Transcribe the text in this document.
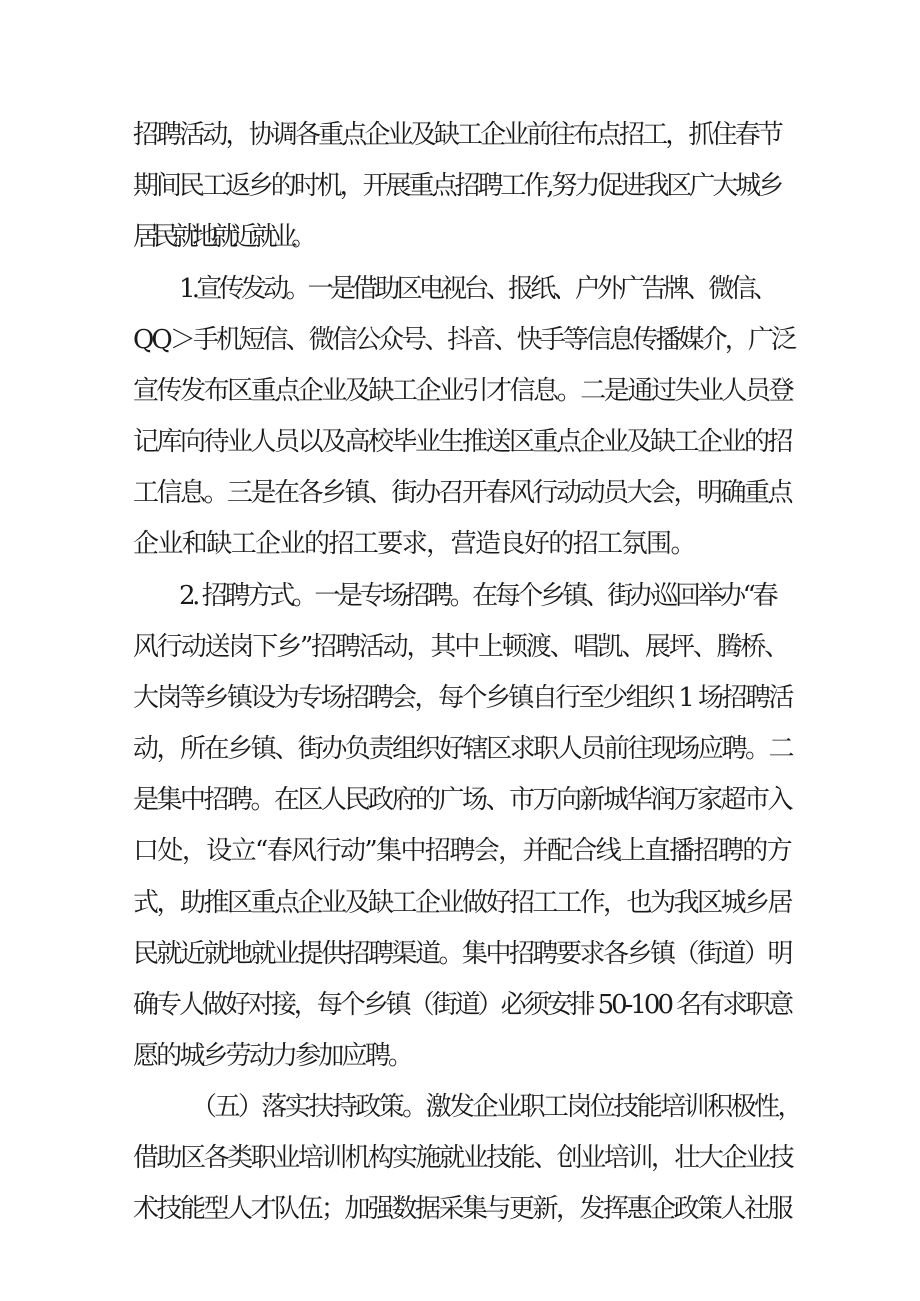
招聘活动，协调各重点企业及缺工企业前往布点招工，抓住春节
期间民工返乡的时机，开展重点招聘工作,努力促进我区广大城乡
居民就地就近就业。
1.宣传发动。一是借助区电视台、报纸、户外广告牌、微信、
QQ＞手机短信、微信公众号、抖音、快手等信息传播媒介，广泛
宣传发布区重点企业及缺工企业引才信息。二是通过失业人员登
记库向待业人员以及高校毕业生推送区重点企业及缺工企业的招
工信息。三是在各乡镇、街办召开春风行动动员大会，明确重点
企业和缺工企业的招工要求，营造良好的招工氛围。
2. 招聘方式。一是专场招聘。在每个乡镇、街办巡回举办“春
风行动送岗下乡”招聘活动，其中上顿渡、唱凯、展坪、腾桥、
大岗等乡镇设为专场招聘会，每个乡镇自行至少组织 1 场招聘活
动，所在乡镇、街办负责组织好辖区求职人员前往现场应聘。二
是集中招聘。在区人民政府的广场、市万向新城华润万家超市入
口处，设立“春风行动”集中招聘会，并配合线上直播招聘的方
式，助推区重点企业及缺工企业做好招工工作，也为我区城乡居
民就近就地就业提供招聘渠道。集中招聘要求各乡镇（街道）明
确专人做好对接，每个乡镇（街道）必须安排 50-100 名有求职意
愿的城乡劳动力参加应聘。
（五）落实扶持政策。激发企业职工岗位技能培训积极性，
借助区各类职业培训机构实施就业技能、创业培训，壮大企业技
术技能型人才队伍；加强数据采集与更新，发挥惠企政策人社服
